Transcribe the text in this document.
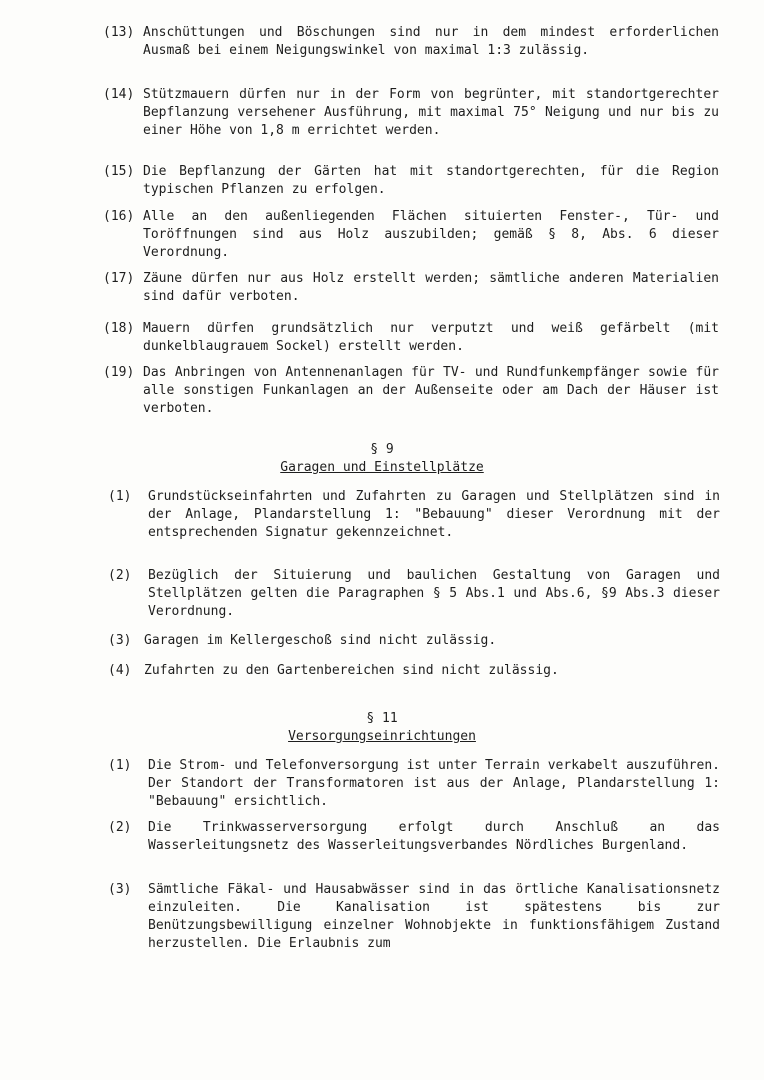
(13) Anschüttungen und Böschungen sind nur in dem mindest erforderlichen Ausmaß bei einem Neigungswinkel von maximal 1:3 zulässig.
(14) Stützmauern dürfen nur in der Form von begrünter, mit standortgerechter Bepflanzung versehener Ausführung, mit maximal 75° Neigung und nur bis zu einer Höhe von 1,8 m errichtet werden.
(15) Die Bepflanzung der Gärten hat mit standortgerechten, für die Region typischen Pflanzen zu erfolgen.
(16) Alle an den außenliegenden Flächen situierten Fenster-, Tür- und Toröffnungen sind aus Holz auszubilden; gemäß § 8, Abs. 6 dieser Verordnung.
(17) Zäune dürfen nur aus Holz erstellt werden; sämtliche anderen Materialien sind dafür verboten.
(18) Mauern dürfen grundsätzlich nur verputzt und weiß gefärbelt (mit dunkelblaugrauem Sockel) erstellt werden.
(19) Das Anbringen von Antennenanlagen für TV- und Rundfunkempfänger sowie für alle sonstigen Funkanlagen an der Außenseite oder am Dach der Häuser ist verboten.
§ 9
Garagen und Einstellplätze
(1) Grundstückseinfahrten und Zufahrten zu Garagen und Stellplätzen sind in der Anlage, Plandarstellung 1: "Bebauung" dieser Verordnung mit der entsprechenden Signatur gekennzeichnet.
(2) Bezüglich der Situierung und baulichen Gestaltung von Garagen und Stellplätzen gelten die Paragraphen § 5 Abs.1 und Abs.6, §9 Abs.3 dieser Verordnung.
(3) Garagen im Kellergeschoß sind nicht zulässig.
(4) Zufahrten zu den Gartenbereichen sind nicht zulässig.
§ 11
Versorgungseinrichtungen
(1) Die Strom- und Telefonversorgung ist unter Terrain verkabelt auszuführen. Der Standort der Transformatoren ist aus der Anlage, Plandarstellung 1: "Bebauung" ersichtlich.
(2) Die Trinkwasserversorgung erfolgt durch Anschluß an das Wasserleitungsnetz des Wasserleitungsverbandes Nördliches Burgenland.
(3) Sämtliche Fäkal- und Hausabwässer sind in das örtliche Kanalisationsnetz einzuleiten. Die Kanalisation ist spätestens bis zur Benützungsbewilligung einzelner Wohnobjekte in funktionsfähigem Zustand herzustellen. Die Erlaubnis zum
